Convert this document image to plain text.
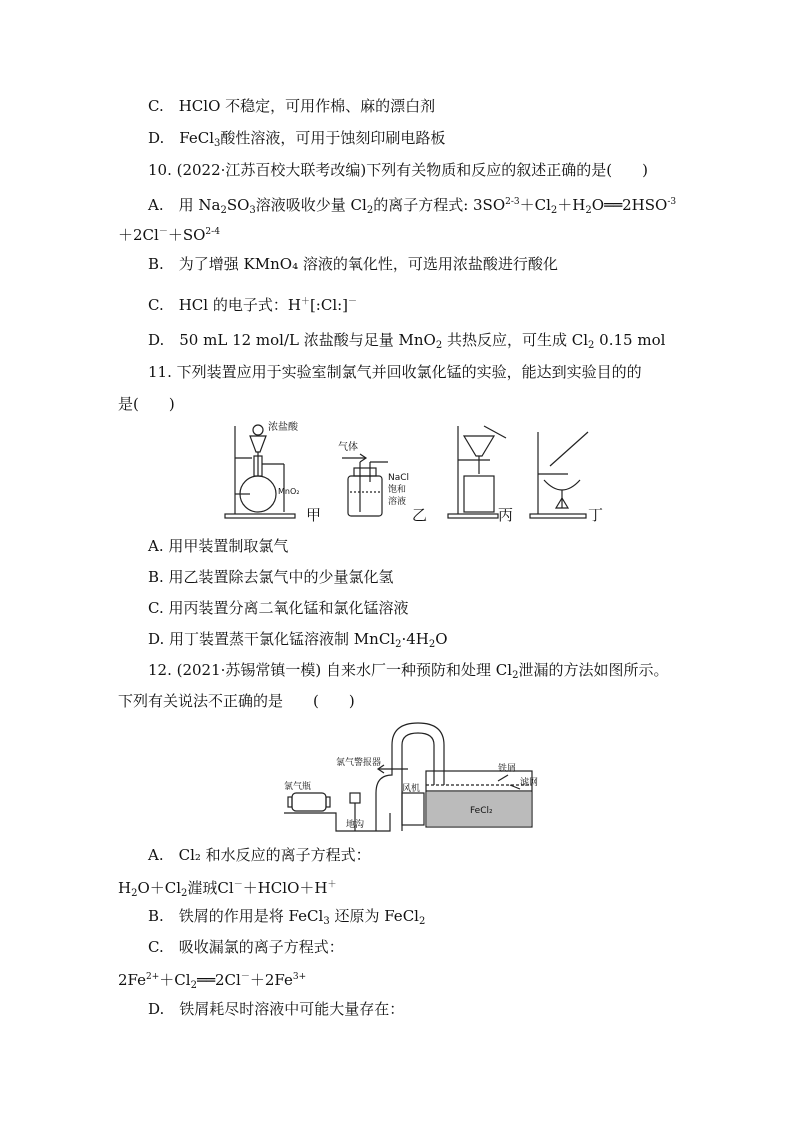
C.　HClO 不稳定，可用作棉、麻的漂白剂
D.　FeCl$_3$酸性溶液，可用于蚀刻印刷电路板
10. (2022·江苏百校大联考改编)下列有关物质和反应的叙述正确的是(　　)
A.　用 $Na_2SO_3$溶液吸收少量 $Cl_2$的离子方程式: $3SO^{2-3}+Cl_2+H_2O══2HSO^{-3}$
$+2Cl^-+SO^{2-4}$
B.　为了增强 KMnO₄ 溶液的氧化性，可选用浓盐酸进行酸化
C.　HCl 的电子式：H＋[:Cl:]－
D.　50 mL 12 mol/L 浓盐酸与足量 MnO$_2$ 共热反应，可生成 $Cl_2$ 0.15 mol
11. 下列装置应用于实验室制氯气并回收氯化锰的实验，能达到实验目的的
是(　　)
浓盐酸
MnO₂
气体
NaCl
饱和
溶液
甲	乙	丙	丁
A. 用甲装置制取氯气
B. 用乙装置除去氯气中的少量氯化氢
C. 用丙装置分离二氧化锰和氯化锰溶液
D. 用丁装置蒸干氯化锰溶液制 $MnCl_2\cdot 4H_2O$
12. (2021·苏锡常镇一模) 自来水厂一种预防和处理 $Cl_2$泄漏的方法如图所示。
下列有关说法不正确的是　　(　　)
氯气瓶
氯气警报器
风机
铁屑
滤网
FeCl₂
地沟
A.　Cl₂ 和水反应的离子方程式：
$H_2O+Cl_2$漄珬Cl－＋HClO＋H＋
B.　铁屑的作用是将 FeCl$_3$ 还原为 FeCl$_2$
C.　吸收漏氯的离子方程式：
$2Fe^{2+}+Cl_2══2Cl^-+2Fe^{3+}$
D.　铁屑耗尽时溶液中可能大量存在：
